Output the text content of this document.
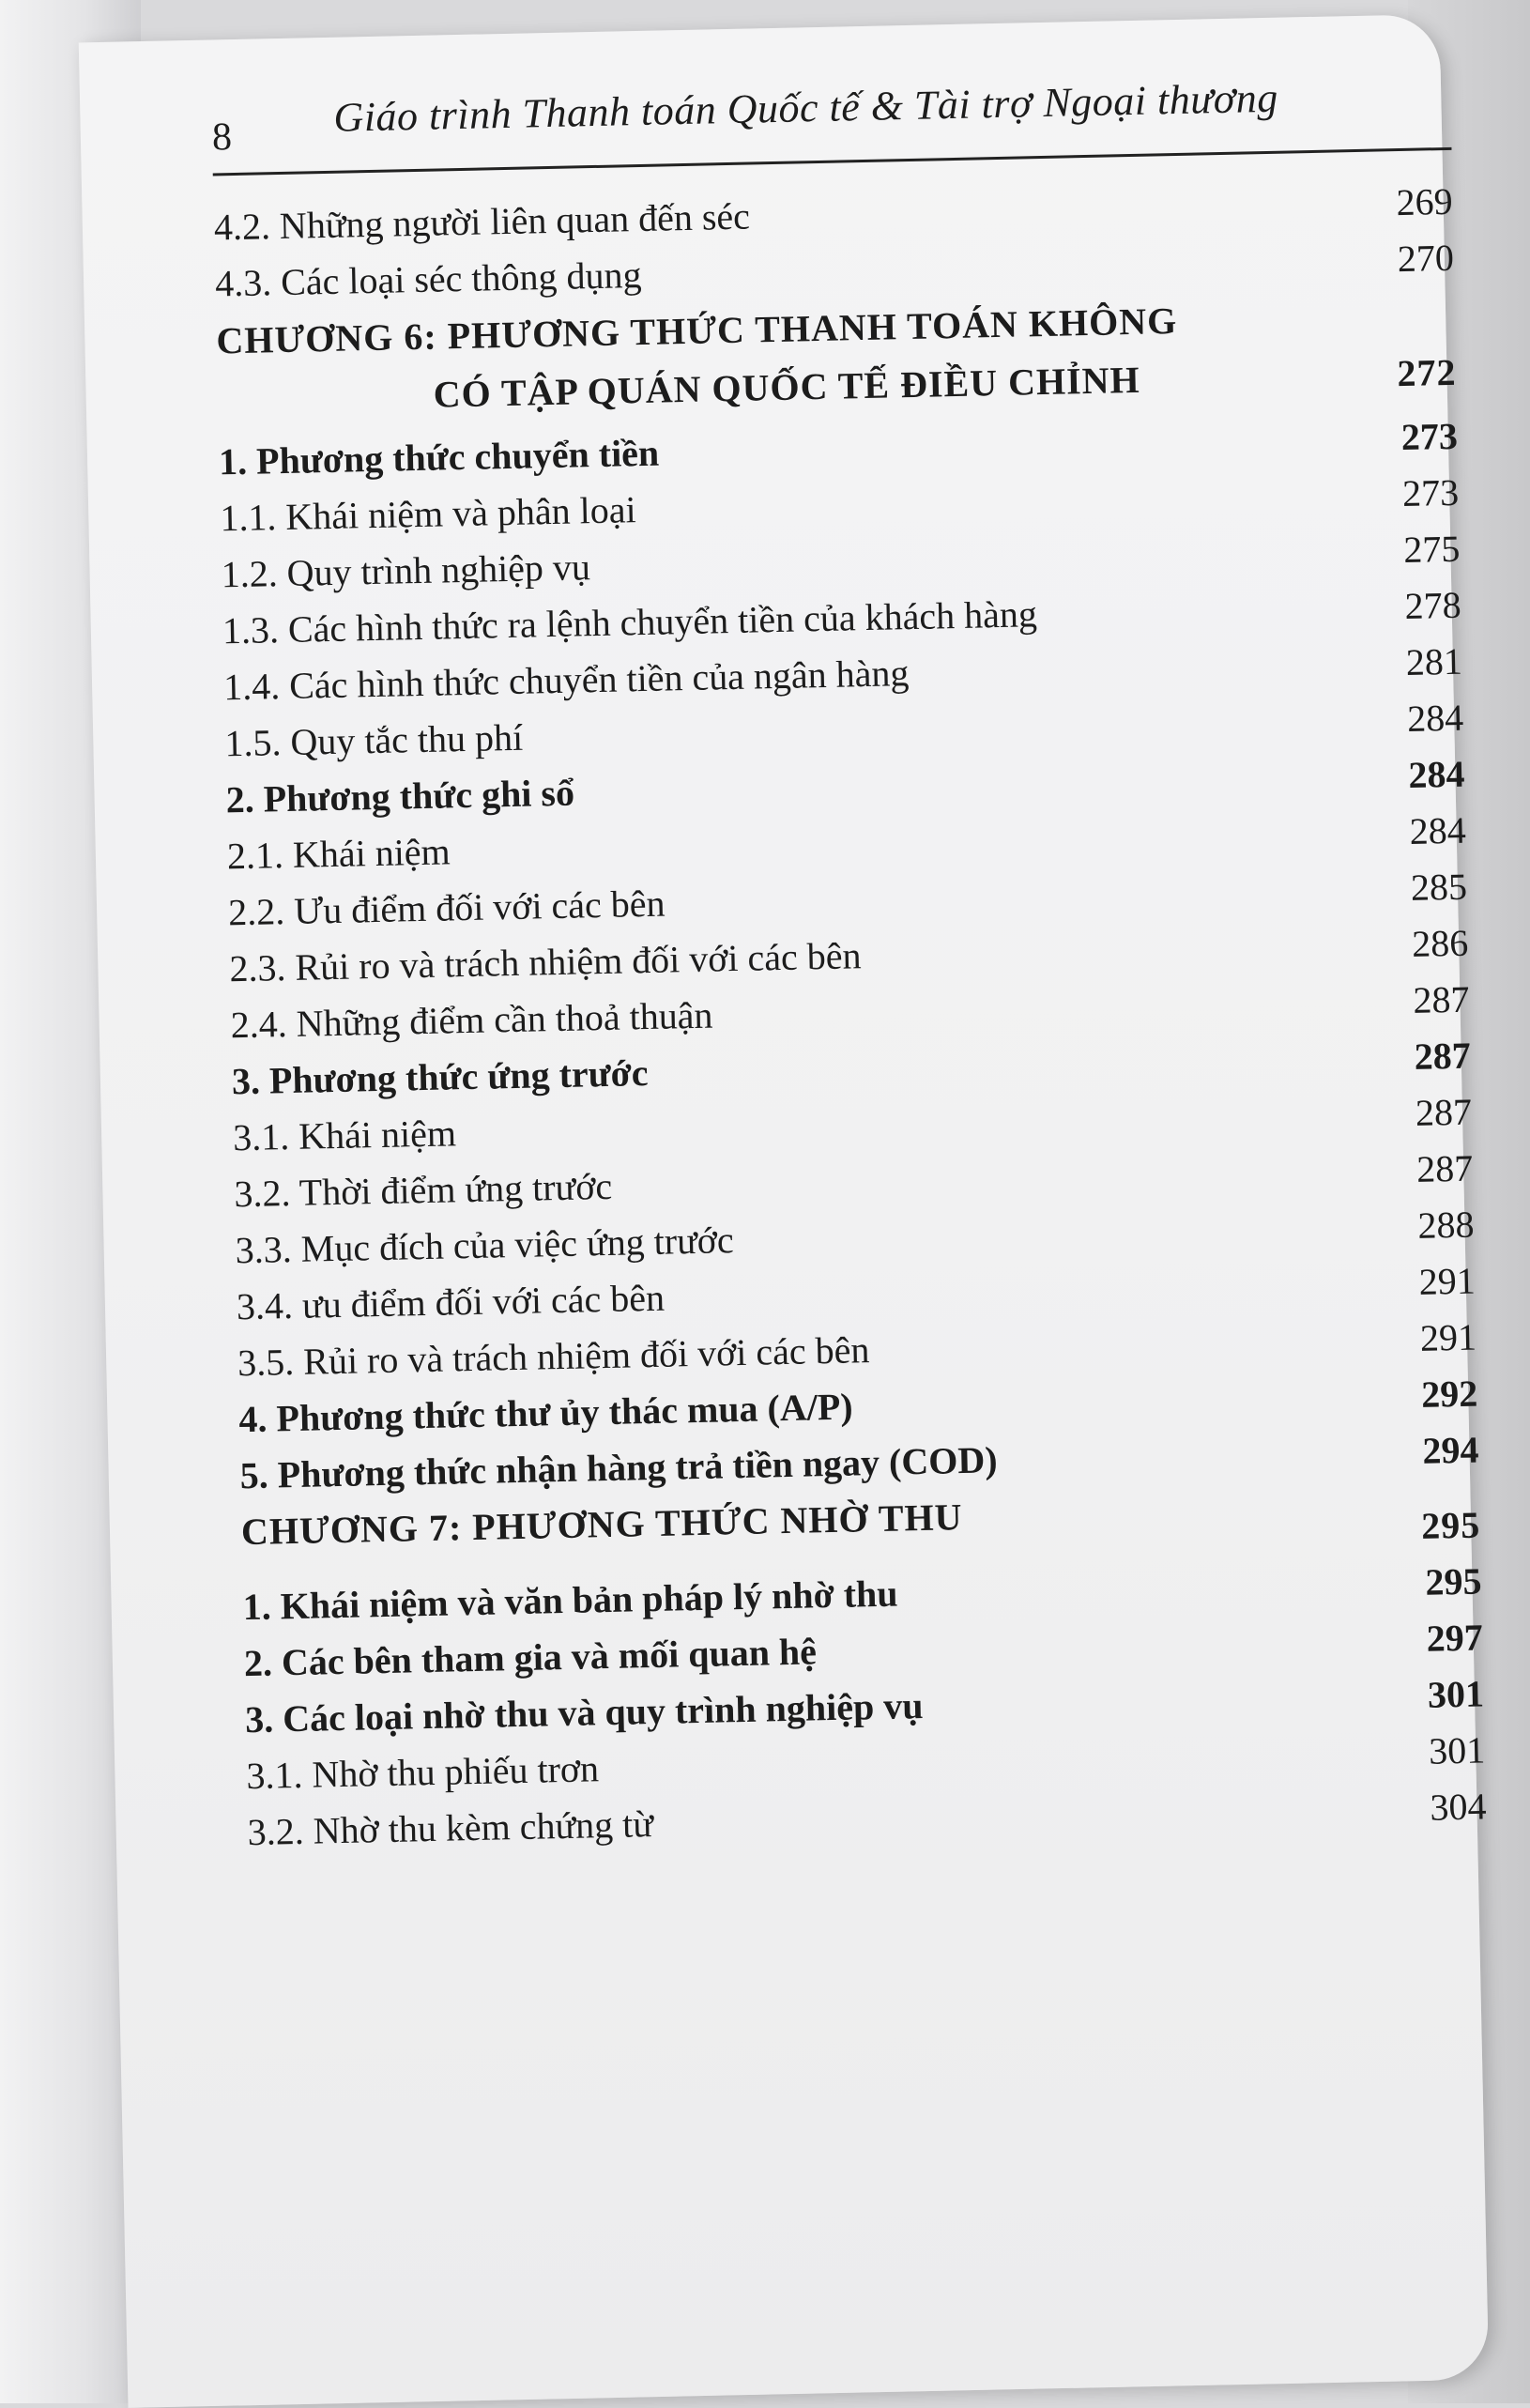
8 Giáo trình Thanh toán Quốc tế & Tài trợ Ngoại thương
4.2. Những người liên quan đến séc	269
4.3. Các loại séc thông dụng	270
CHƯƠNG 6: PHƯƠNG THỨC THANH TOÁN KHÔNG
CÓ TẬP QUÁN QUỐC TẾ ĐIỀU CHỈNH	272
1. Phương thức chuyển tiền	273
1.1. Khái niệm và phân loại	273
1.2. Quy trình nghiệp vụ	275
1.3. Các hình thức ra lệnh chuyển tiền của khách hàng	278
1.4. Các hình thức chuyển tiền của ngân hàng	281
1.5. Quy tắc thu phí	284
2. Phương thức ghi sổ	284
2.1. Khái niệm	284
2.2. Ưu điểm đối với các bên	285
2.3. Rủi ro và trách nhiệm đối với các bên	286
2.4. Những điểm cần thoả thuận	287
3. Phương thức ứng trước	287
3.1. Khái niệm	287
3.2. Thời điểm ứng trước	287
3.3. Mục đích của việc ứng trước	288
3.4. ưu điểm đối với các bên	291
3.5. Rủi ro và trách nhiệm đối với các bên	291
4. Phương thức thư ủy thác mua (A/P)	292
5. Phương thức nhận hàng trả tiền ngay (COD)	294
CHƯƠNG 7: PHƯƠNG THỨC NHỜ THU	295
1. Khái niệm và văn bản pháp lý nhờ thu	295
2. Các bên tham gia và mối quan hệ	297
3. Các loại nhờ thu và quy trình nghiệp vụ	301
3.1. Nhờ thu phiếu trơn	301
3.2. Nhờ thu kèm chứng từ	304
